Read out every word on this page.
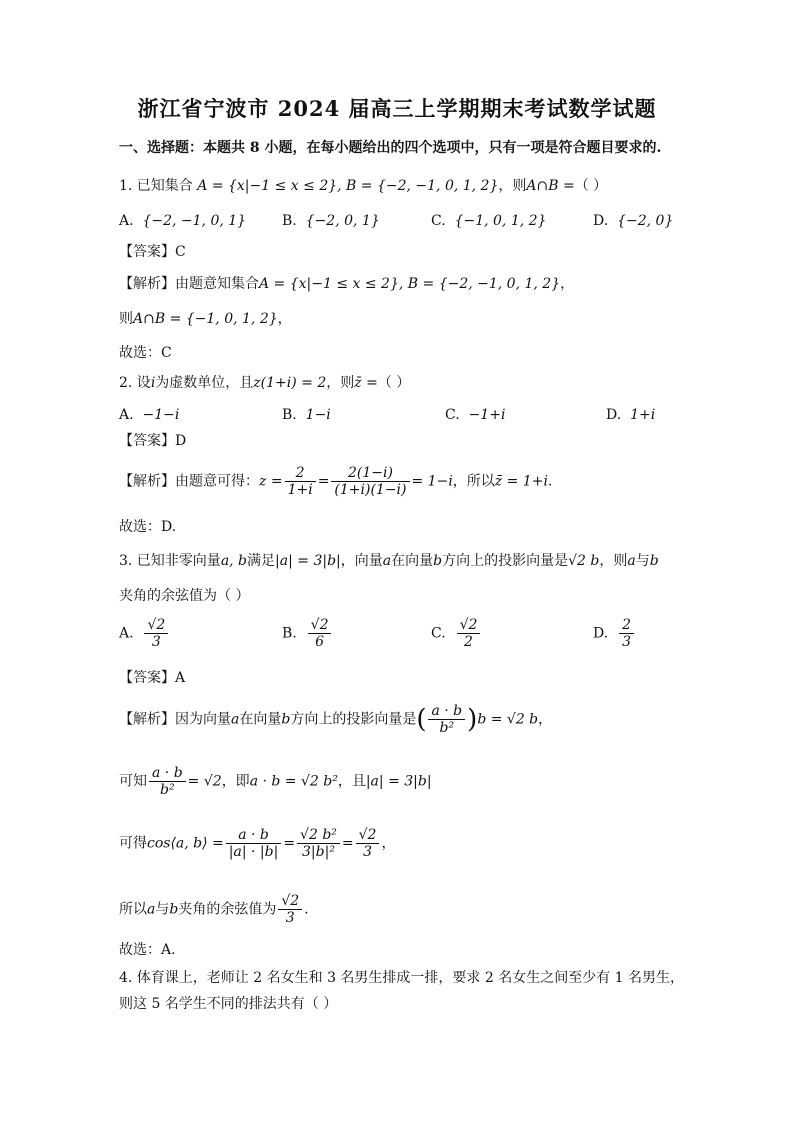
浙江省宁波市 2024 届高三上学期期末考试数学试题
一、选择题：本题共 8 小题，在每小题给出的四个选项中，只有一项是符合题目要求的.
1. 已知集合 A = {x|−1 ≤ x ≤ 2}, B = {−2, −1, 0, 1, 2}，则A∩B =（ ）
A. {−2, −1, 0, 1}	B. {−2, 0, 1}	C. {−1, 0, 1, 2}	D. {−2, 0}
【答案】C
【解析】由题意知集合A = {x|−1 ≤ x ≤ 2}, B = {−2, −1, 0, 1, 2}，
则A∩B = {−1, 0, 1, 2}，
故选：C
2. 设i为虚数单位，且z(1+i) = 2，则z̄ =（ ）
A. −1−i	B. 1−i	C. −1+i	D. 1+i
【答案】D
【解析】由题意可得：$z = \frac{2}{1+i} = \frac{2(1-i)}{(1+i)(1-i)} = 1-i$，所以z̄ = 1+i.
故选：D.
3. 已知非零向量a, b满足|a| = 3|b|，向量a在向量b方向上的投影向量是√2 b，则a与b
夹角的余弦值为（ ）
A. $\frac{√2}{3}$	B. $\frac{√2}{6}$	C. $\frac{√2}{2}$	D. $\frac{2}{3}$
【答案】A
【解析】因为向量a在向量b方向上的投影向量是( $\frac{a \cdot b}{\text{b²}} )b = √2$ b，
可知 $\frac{a \cdot b}{\text{b²}} = √2$，即a · b = √2 b²，且|a| = 3|b|
可得cos⟨a, b⟩ = $\frac{a \cdot b}{|a| \cdot |b|} = \frac{\text{√2 b²}}{\text{3|b|²}} = \frac{√2}{3}$ ，
所以a与b夹角的余弦值为 $\frac{√2}{3}$ .
故选：A.
4. 体育课上，老师让 2 名女生和 3 名男生排成一排，要求 2 名女生之间至少有 1 名男生，
则这 5 名学生不同的排法共有（ ）
